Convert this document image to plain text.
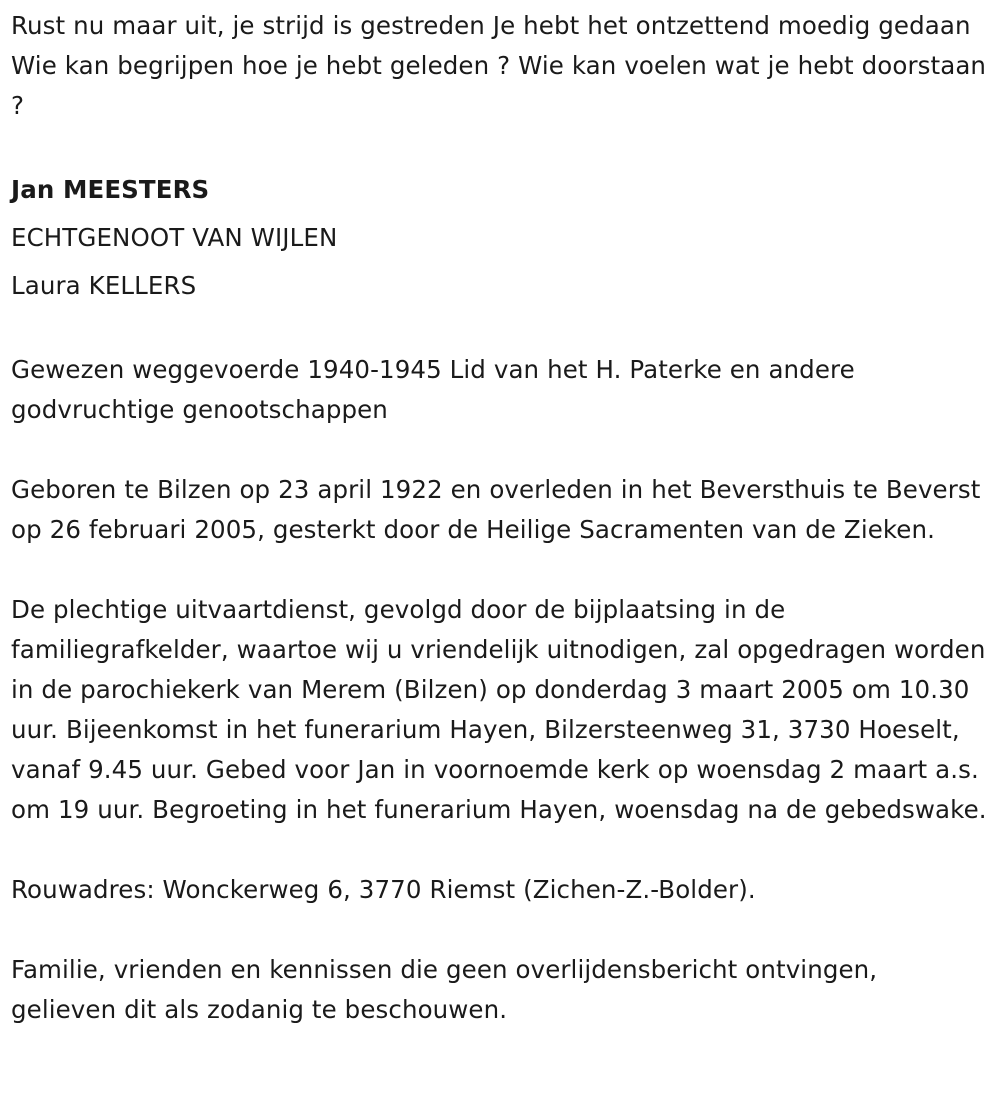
Rust nu maar uit, je strijd is gestreden Je hebt het ontzettend moedig gedaan Wie kan begrijpen hoe je hebt geleden ? Wie kan voelen wat je hebt doorstaan ?

Jan MEESTERS

ECHTGENOOT VAN WIJLEN

Laura KELLERS

Gewezen weggevoerde 1940-1945 Lid van het H. Paterke en andere godvruchtige genootschappen

Geboren te Bilzen op 23 april 1922 en overleden in het Beversthuis te Beverst op 26 februari 2005, gesterkt door de Heilige Sacramenten van de Zieken.

De plechtige uitvaartdienst, gevolgd door de bijplaatsing in de familiegrafkelder, waartoe wij u vriendelijk uitnodigen, zal opgedragen worden in de parochiekerk van Merem (Bilzen) op donderdag 3 maart 2005 om 10.30 uur. Bijeenkomst in het funerarium Hayen, Bilzersteenweg 31, 3730 Hoeselt, vanaf 9.45 uur. Gebed voor Jan in voornoemde kerk op woensdag 2 maart a.s. om 19 uur. Begroeting in het funerarium Hayen, woensdag na de gebedswake.

Rouwadres: Wonckerweg 6, 3770 Riemst (Zichen-Z.-Bolder).

Familie, vrienden en kennissen die geen overlijdensbericht ontvingen, gelieven dit als zodanig te beschouwen.
